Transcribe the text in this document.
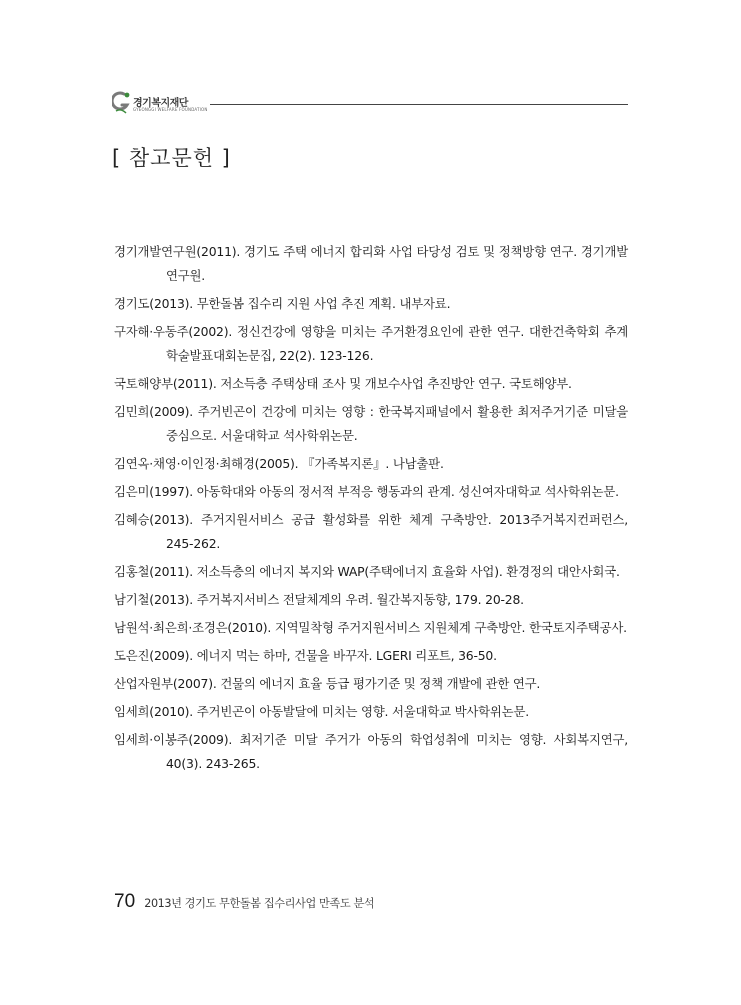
경기복지재단
GYEONGGI WELFARE FOUNDATION
[ 참고문헌 ]
경기개발연구원(2011). 경기도 주택 에너지 합리화 사업 타당성 검토 및 정책방향 연구. 경기개발연구원.
경기도(2013). 무한돌봄 집수리 지원 사업 추진 계획. 내부자료.
구자해·우동주(2002). 정신건강에 영향을 미치는 주거환경요인에 관한 연구. 대한건축학회 추계학술발표대회논문집, 22(2). 123-126.
국토해양부(2011). 저소득층 주택상태 조사 및 개보수사업 추진방안 연구. 국토해양부.
김민희(2009). 주거빈곤이 건강에 미치는 영향 : 한국복지패널에서 활용한 최저주거기준 미달을 중심으로. 서울대학교 석사학위논문.
김연옥·채영·이인정·최해경(2005). 『가족복지론』. 나남출판.
김은미(1997). 아동학대와 아동의 정서적 부적응 행동과의 관계. 성신여자대학교 석사학위논문.
김혜승(2013). 주거지원서비스 공급 활성화를 위한 체계 구축방안. 2013주거복지컨퍼런스, 245-262.
김홍철(2011). 저소득층의 에너지 복지와 WAP(주택에너지 효율화 사업). 환경정의 대안사회국.
남기철(2013). 주거복지서비스 전달체계의 우려. 월간복지동향, 179. 20-28.
남원석·최은희·조경은(2010). 지역밀착형 주거지원서비스 지원체계 구축방안. 한국토지주택공사.
도은진(2009). 에너지 먹는 하마, 건물을 바꾸자. LGERI 리포트, 36-50.
산업자원부(2007). 건물의 에너지 효율 등급 평가기준 및 정책 개발에 관한 연구.
임세희(2010). 주거빈곤이 아동발달에 미치는 영향. 서울대학교 박사학위논문.
임세희·이봉주(2009). 최저기준 미달 주거가 아동의 학업성취에 미치는 영향. 사회복지연구, 40(3). 243-265.
70 2013년 경기도 무한돌봄 집수리사업 만족도 분석
